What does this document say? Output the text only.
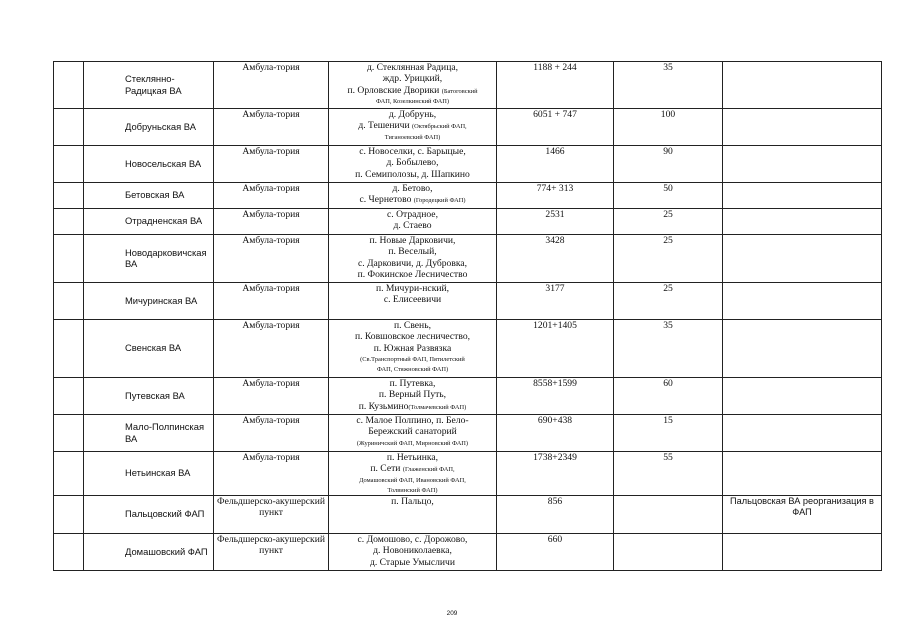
	Стеклянно-Радицкая ВА	Амбула-тория	д. Стеклянная Радица,
ждр. Урицкий,
п. Орловские Дворики (Батоговский
ФАП, Козелкинский ФАП)	1188 + 244	35	
	Добруньская ВА	Амбула-тория	д. Добрунь,
д. Тешеничи (Октябрьский ФАП,
Тиганоевский ФАП)	6051 + 747	100	
	Новосельская ВА	Амбула-тория	с. Новоселки, с. Барыцые,
д. Бобылево,
п. Семиполозы, д. Шапкино	1466	90	
	Бетовская ВА	Амбула-тория	д. Бетово,
с. Чернетово (Городецкий ФАП)	774+ 313	50	
	Отрадненская ВА	Амбула-тория	с. Отрадное,
д. Стаево	2531	25	
	Новодарковичская ВА	Амбула-тория	п. Новые Дарковичи,
п. Веселый,
с. Дарковичи, д. Дубровка,
п. Фокинское Лесничество	3428	25	
	Мичуринская ВА	Амбула-тория	п. Мичури-нский,
с. Елисеевичи	3177	25	
	Свенская ВА	Амбула-тория	п. Свень,
п. Ковшовское лесничество,
п. Южная Развязка
(Св.Транспортный ФАП, Пятилетский
ФАП, Стяжновский ФАП)	1201+1405	35	
	Путевская ВА	Амбула-тория	п. Путевка,
п. Верный Путь,
п. Кузьмино(Толмачевский ФАП)	8558+1599	60	
	Мало-Полпинская ВА	Амбула-тория	с. Малое Полпино, п. Бело-
Бережский санаторий
(Журиничский ФАП, Мирновский ФАП)	690+438	15	
	Нетьинская ВА	Амбула-тория	п. Нетьинка,
п. Сети (Глаженский ФАП,
Домашовский ФАП, Ивановский ФАП,
Толвинский ФАП)	1738+2349	55	
	Пальцовский ФАП	Фельдшерско-акушерский пункт	п. Пальцо,	856		Пальцовская ВА реорганизация в ФАП
	Домашовский ФАП	Фельдшерско-акушерский пункт	с. Домошово, с. Дорожово,
д. Новониколаевка,
д. Старые Умысличи	660		
209
